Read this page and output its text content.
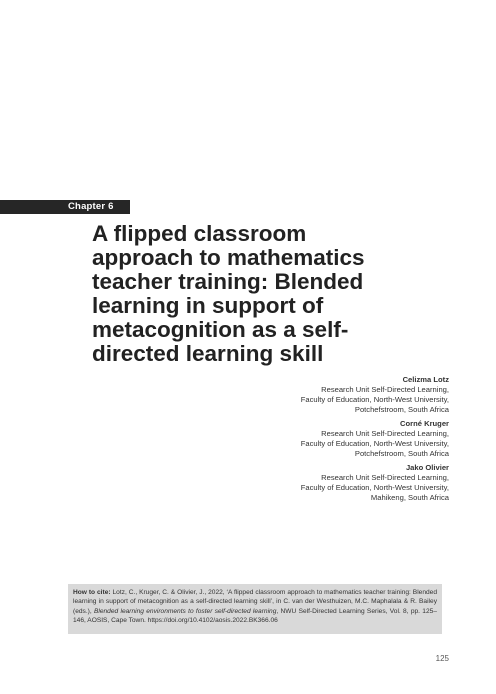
Chapter 6
A flipped classroom
approach to mathematics
teacher training: Blended
learning in support of
metacognition as a self-
directed learning skill
Celizma Lotz
Research Unit Self-Directed Learning,
Faculty of Education, North-West University,
Potchefstroom, South Africa
Corné Kruger
Research Unit Self-Directed Learning,
Faculty of Education, North-West University,
Potchefstroom, South Africa
Jako Olivier
Research Unit Self-Directed Learning,
Faculty of Education, North-West University,
Mahikeng, South Africa
How to cite: Lotz, C., Kruger, C. & Olivier, J., 2022, ‘A flipped classroom approach to mathematics teacher training: Blended learning in support of metacognition as a self-directed learning skill’, in C. van der Westhuizen, M.C. Maphalala & R. Bailey (eds.), Blended learning environments to foster self-directed learning, NWU Self-Directed Learning Series, Vol. 8, pp. 125–146, AOSIS, Cape Town. https://doi.org/10.4102/aosis.2022.BK366.06
125
